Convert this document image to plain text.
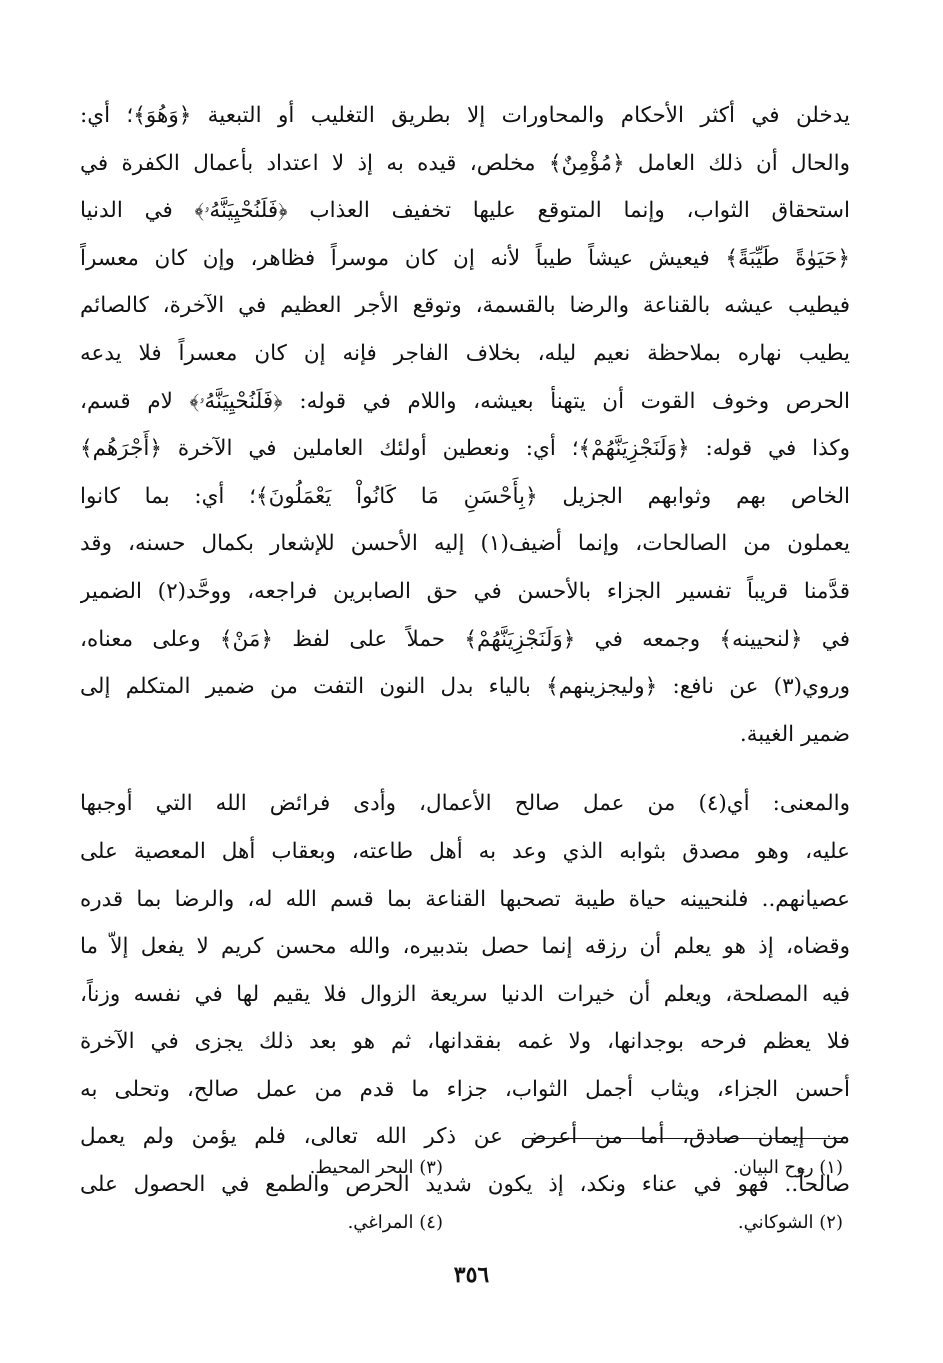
يدخلن في أكثر الأحكام والمحاورات إلا بطريق التغليب أو التبعية ﴿وَهُوَ﴾؛ أي:
والحال أن ذلك العامل ﴿مُؤْمِنٌ﴾ مخلص، قيده به إذ لا اعتداد بأعمال الكفرة في
استحقاق الثواب، وإنما المتوقع عليها تخفيف العذاب ﴿فَلَنُحْيِيَنَّهُۥ﴾ في الدنيا
﴿حَيَوٰةً طَيِّبَةً﴾ فيعيش عيشاً طيباً لأنه إن كان موسراً فظاهر، وإن كان معسراً
فيطيب عيشه بالقناعة والرضا بالقسمة، وتوقع الأجر العظيم في الآخرة، كالصائم
يطيب نهاره بملاحظة نعيم ليله، بخلاف الفاجر فإنه إن كان معسراً فلا يدعه
الحرص وخوف القوت أن يتهنأ بعيشه، واللام في قوله: ﴿فَلَنُحْيِيَنَّهُۥ﴾ لام قسم،
وكذا في قوله: ﴿وَلَنَجْزِيَنَّهُمْ﴾؛ أي: ونعطين أولئك العاملين في الآخرة ﴿أَجْرَهُم﴾
الخاص بهم وثوابهم الجزيل ﴿بِأَحْسَنِ مَا كَانُواْ يَعْمَلُونَ﴾؛ أي: بما كانوا
يعملون من الصالحات، وإنما أضيف(١) إليه الأحسن للإشعار بكمال حسنه، وقد
قدَّمنا قريباً تفسير الجزاء بالأحسن في حق الصابرين فراجعه، ووحَّد(٢) الضمير
في ﴿لنحيينه﴾ وجمعه في ﴿وَلَنَجْزِيَنَّهُمْ﴾ حملاً على لفظ ﴿مَنْ﴾ وعلى معناه،
وروي(٣) عن نافع: ﴿وليجزينهم﴾ بالياء بدل النون التفت من ضمير المتكلم إلى
ضمير الغيبة.
والمعنى: أي(٤) من عمل صالح الأعمال، وأدى فرائض الله التي أوجبها
عليه، وهو مصدق بثوابه الذي وعد به أهل طاعته، وبعقاب أهل المعصية على
عصيانهم.. فلنحيينه حياة طيبة تصحبها القناعة بما قسم الله له، والرضا بما قدره
وقضاه، إذ هو يعلم أن رزقه إنما حصل بتدبيره، والله محسن كريم لا يفعل إلاّ ما
فيه المصلحة، ويعلم أن خيرات الدنيا سريعة الزوال فلا يقيم لها في نفسه وزناً،
فلا يعظم فرحه بوجدانها، ولا غمه بفقدانها، ثم هو بعد ذلك يجزى في الآخرة
أحسن الجزاء، ويثاب أجمل الثواب، جزاء ما قدم من عمل صالح، وتحلى به
من إيمان صادق، أما من أعرض عن ذكر الله تعالى، فلم يؤمن ولم يعمل
صالحاً.. فهو في عناء ونكد، إذ يكون شديد الحرص والطمع في الحصول على
(١) روح البيان.
(٣) البحر المحيط.
(٢) الشوكاني.
(٤) المراغي.
٣٥٦
